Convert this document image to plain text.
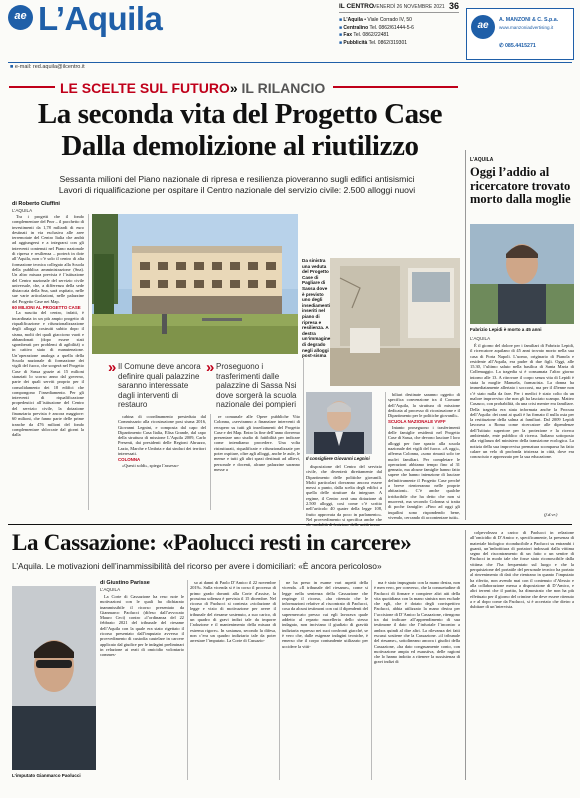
ae L’Aquila	IL CENTRO VENERDÌ 26 NOVEMBRE 2021 36
■ L’Aquila • Viale Corrado IV, 50
■ Centralino Tel. 0862/61444-5-6
■ Fax Tel. 0862/22481
■ Pubblicità Tel. 0862/319301
ae	A. MANZONI & C. S.p.a.
www.manzoniadvertising.it
✆ 085.4415271
■ e-mail: red.aquila@ilcentro.it
LE SCELTE SUL FUTURO» IL RILANCIO
La seconda vita del Progetto Case
Dalla demolizione al riutilizzo
Sessanta milioni del Piano nazionale di ripresa e resilienza pioveranno sugli edifici antisismici
Lavori di riqualificazione per ospitare il Centro nazionale del servizio civile: 2.500 alloggi nuovi
di Roberto Ciuffini
L’AQUILA

Tra i progetti che il fondo complementare del Pnrr – il pacchetto di investimenti da 1,78 miliardi di euro destinati in via esclusiva alle aree terremotate del Centro Italia che andrà ad aggiungersi e a integrarsi con gli interventi contenuti nel Piano nazionale di ripresa e resilienza – porterà in dote all’Aquila, non c’è solo il centro di alta formazione tecnica collegato alla Scuola della pubblica amministrazione (Sna). Un altro misura prevista è l’istituzione del Centro nazionale del servizio civile universale, che, a differenza della sede distaccata della Sna, sarà ospitato, nelle sue varie articolazioni, nelle palazzine del Progetto Case nei Map.

60 MILIONI AL PROGETTO CASE

La nascita del centro, infatti, è incardinata in un più ampio progetto di riqualificazione e rifunzionalizzazione degli alloggi costruiti subito dopo il sisma, molti dei quali giacciono vuoti e abbandonati (dopo essere stati sgomberati per problemi di agibilità) o in cattivo stato di manutenzione. Un’operazione analoga a quella della Scuola nazionale di formazione dei vigili del fuoco, che sorgerà nel Progetto Case di Sassa grazie ai 15 milioni stanziati lo scorso anno dal governo, parte dei quali serviti proprio per il consolidamento dei 18 edifici che compongono l’insediamento. Per gli interventi di riqualificazione propedeutici all’istituzione del Centro del servizio civile, la dotazione finanziaria prevista è ancora maggiore: 60 milioni, che fanno parte delle prime tranche da 476 milioni del fondo complementare sbloccate dal giorni la dalla

Da sinistra una veduta del Progetto Case di Pagliare di Sassa dove è previsto uno degli insediamenti inseriti nel piano di ripresa e resilienza. A destra un’immagine di degrado negli alloggi post-sisma
» Il Comune deve ancora definire quali palazzine saranno interessate dagli interventi di restauro
» Proseguono i trasferimenti dalle palazzine di Sassa Nsi dove sorgerà la scuola nazionale dei pompieri

cabina di coordinamento presieduta dal Commissario alla ricostruzione post sisma 2016, Giovanni Legnini, e composta dal capo del Dipartimento Casa Italia, Elisa Grande, dal capo della struttura di missione L’Aquila 2009, Carlo Presenti, dai presidenti delle Regioni Abruzzo, Lazio, Marche e Umbria e dai sindaci dei territori interessati.

COLONNA

«Questi soldi», spiega l’assesso-

re comunale alle Opere pubbliche Vito Colonna, «serviranno a finanziare interventi di recupero su tutti gli insediamenti del Progetto Case e dei Map. Entro la fine dell’anno dovremo presentare uno studio di fattibilità per indicare come intendiamo procedere. Una volta ristrutturati, riqualificate e rifunzionalizzate per poter ospitare, oltre agli alloggi, anche le aule, le mense e tutti gli altri spazi destinati ad allievi, personale e docenti, alcune palazzine saranno messe a

Il consigliere Giovanni Legnini

disposizione del Centro del servizio civile, che diventerà direttamente dal Dipartimento delle politiche giovanili. Molti particolari dovranno ancora essere messi a punto, dalla scelta degli edifici a quella delle strutture da integrare. A regime, il Centro avrà una dotazione di 2.500 alloggi, così come c’è scritto nell’articolo 40 quater della legge 108, frutto approvata da poco in parlamento». Nel provvedimento si specifica anche che

biliari destinate saranno oggetto di specifica convenzione tra il Comune dell’Aquila, la struttura di missione dedicata al processo di ricostruzione e il Dipartimento per le politiche giovanili».

SCUOLA NAZIONALE VVFF

Intanto proseguono i trasferimenti delle famiglie residenti nel Progetto Case di Sassa, che devono lasciare I loro alloggi per fare spazio alla scuola nazionale dei vigili del fuoco. «A oggi», afferma Colonna, «sono rimasti solo tre nuclei familiari. Per completare le operazioni abbiamo tempo fino al 31 gennaio, ma alcune famiglie hanno fatto sapere che hanno intenzione di lasciare definitivamente il Progetto Case perché a breve rientreranno nelle proprie abitazioni». C’è anche qualche irriducibile che ha detto che non si muoverà, ma secondo Colonna si tratta di poche famiglie: «Fino ad oggi gli inquilini sono rispondendo bene, vivendo, cercando di accontentare tutti».

L’AQUILA
Oggi l’addio al ricercatore trovato morto dalla moglie
Fabrizio Lepidi è morto a 45 anni
L’AQUILA

È il giorno del dolore per i familiari di Fabrizio Lepidi, il ricercatore aquilano di 45 anni trovato morto nella sua casa di Porta Napoli. L’uomo, originario di Pianola e residente all’Aquila, era padre di due figli. Oggi, alle 15.30, l’ultimo saluto nella basilica di Santa Maria di Collemaggio. La tragedia si è consumata l’altro giorno intorno alle 13. A ritrovare il corpo senza vita di Lepidi è stata la moglie Manuela, farmacista. La donna ha immediatamente allertato i soccorsi, ma per il 45enne non c’è stato nulla da fare. Per i medici è stato colto da un malore improvviso che non gli ha lasciato scampo. Matteo Casasco, con probabilità, da una crisi mentre era familiare. Della tragedia era stata informata anche la Procura dell’Aquila: dei rami ai quali è ha firmato il nulla osta per la restituzione della salma ai familiari. Dal 2009 Lepidi lavorava a Roma come ricercatore alle dipendenze dell’Istituto superiore per la protezione e la ricerca ambientale, ente pubblico di ricerca. Italiano sottoposto alla vigilanza del ministero della transizione ecologica. La notizia della sua improvvisa prematura scomparsa ha fatto calare un velo di profonda tristezza in città, dove era conosciuto e apprezzato per la sua educazione.

(f.d.vr.)
La Cassazione: «Paolucci resti in carcere»
L’Aquila. Le motivazioni dell’inammissibilità del ricorso per avere i domiciliari: «È ancora pericoloso»
L’imputato Gianmarco Paolucci
di Giustino Parisse
L’AQUILA

La Corte di Cassazione ha reso note le motivazioni con le quali ha dichiarato inammissibile il ricorso presentato da Gianmarco Paolucci (difeso dall’avvocato Mauro Ceci) contro «l’ordinanza del 22 febbraio 2021 del tribunale del riesame dell’Aquila con la quale era stato rigettato il ricorso presentato dall’imputato avverso il provvedimento di custodia cautelare in carcere applicato dal giudice per le indagini preliminari in relazione ai reati di omicidio volontario commes-

so ai danni di Paolo D’Amico il 22 novembre 2019». Sulla vicenda si è in corso il processo di primo grado davanti alla Corte d’assise, la prossima udienza è prevista il 15 dicembre. Nel ricorso di Paolucci si contesta «violazione di legge e vizio di motivazione per avere il tribunale del riesame sostenuto, a suo carico, di un quadro di gravi indizi tale da imporre l’adozione e il mantenimento della misura di estrema rigore». In sostanza, secondo la difesa, non c’era un quadro indiziario tale da poter arrestare l’imputato. La Corte di Cassazio-

ne ha preso in esame vari aspetti della vicenda. «Il tribunale del riesame», come si legge nella sentenza della Cassazione che respinge il ricorso, «ha ritenuto che le informazioni relative al riscontrato di Paolucci, cosa da alcuni testimoni con cui il dipendenti del supermercato presso cui egli lavorava quale addetto al reparto macelleria dello stesso indagato, non inciviano il giudizio di gravità indiziaria espresso nei suoi confronti giacché, se è vero che, dalle esigenze indagini tecniche, è emerso che il corpo contundente utilizzato per uccidere la vitti-

ma è stato impugnato con la mano destra, non è men vero, per converso, che la consuetudine di Paolucci di firmare e compiere altri atti della vita quotidiana con la mano sinistra non esclude che egli, che è dotato degli corrispettivo Paolucci, abbia utilizzato la mano destra per l’uccisione di D’Amico la Cassazione, ritengono tra dai indicare all’apprendimento di sua testimone il dato che l’infuriale l’incontro a ambos quindi al dire altri. La rilevanza dei fatti escussi sostiene che la Cassazione. «il tribunale del riesame», sottolineano ancora i giudici della Cassazione, «ha dato congruamente conto, con motivazione ampia ed esaustiva, delle ragioni che lo hanno indotto a ritenere la sussistenza di gravi indizi di

colpevolezza a carico di Paolucci in relazione all’omicidio di D’Amico e, specificamente, la presenza di materiale biologico riconducibile a Paolucci su entrambi i guanti, un’imbottitura di portatori indossati dalla vittima segno del riscontramento di un fatto o un sentire di Paolucci in modo tale che fosse stato riconoscibile dalla vittima che l’ha frequentato sul luogo e che la perquisizione del portatile del personale tecnico ha portato al rinvenimento di dati che rientrano in quanto l’imputato ha riferito, non avendo mai con il contenuto d’Alessio e alla collaborazione messa a disposizione di D’Amico, e altri terreni che il partito, ha dimostrato che non ha più effettuato per il giorno del crimine che deve essere ritenuto a e al dopo come da Paolucci, si è accertato che dietro a dubitare di un’intervista.
